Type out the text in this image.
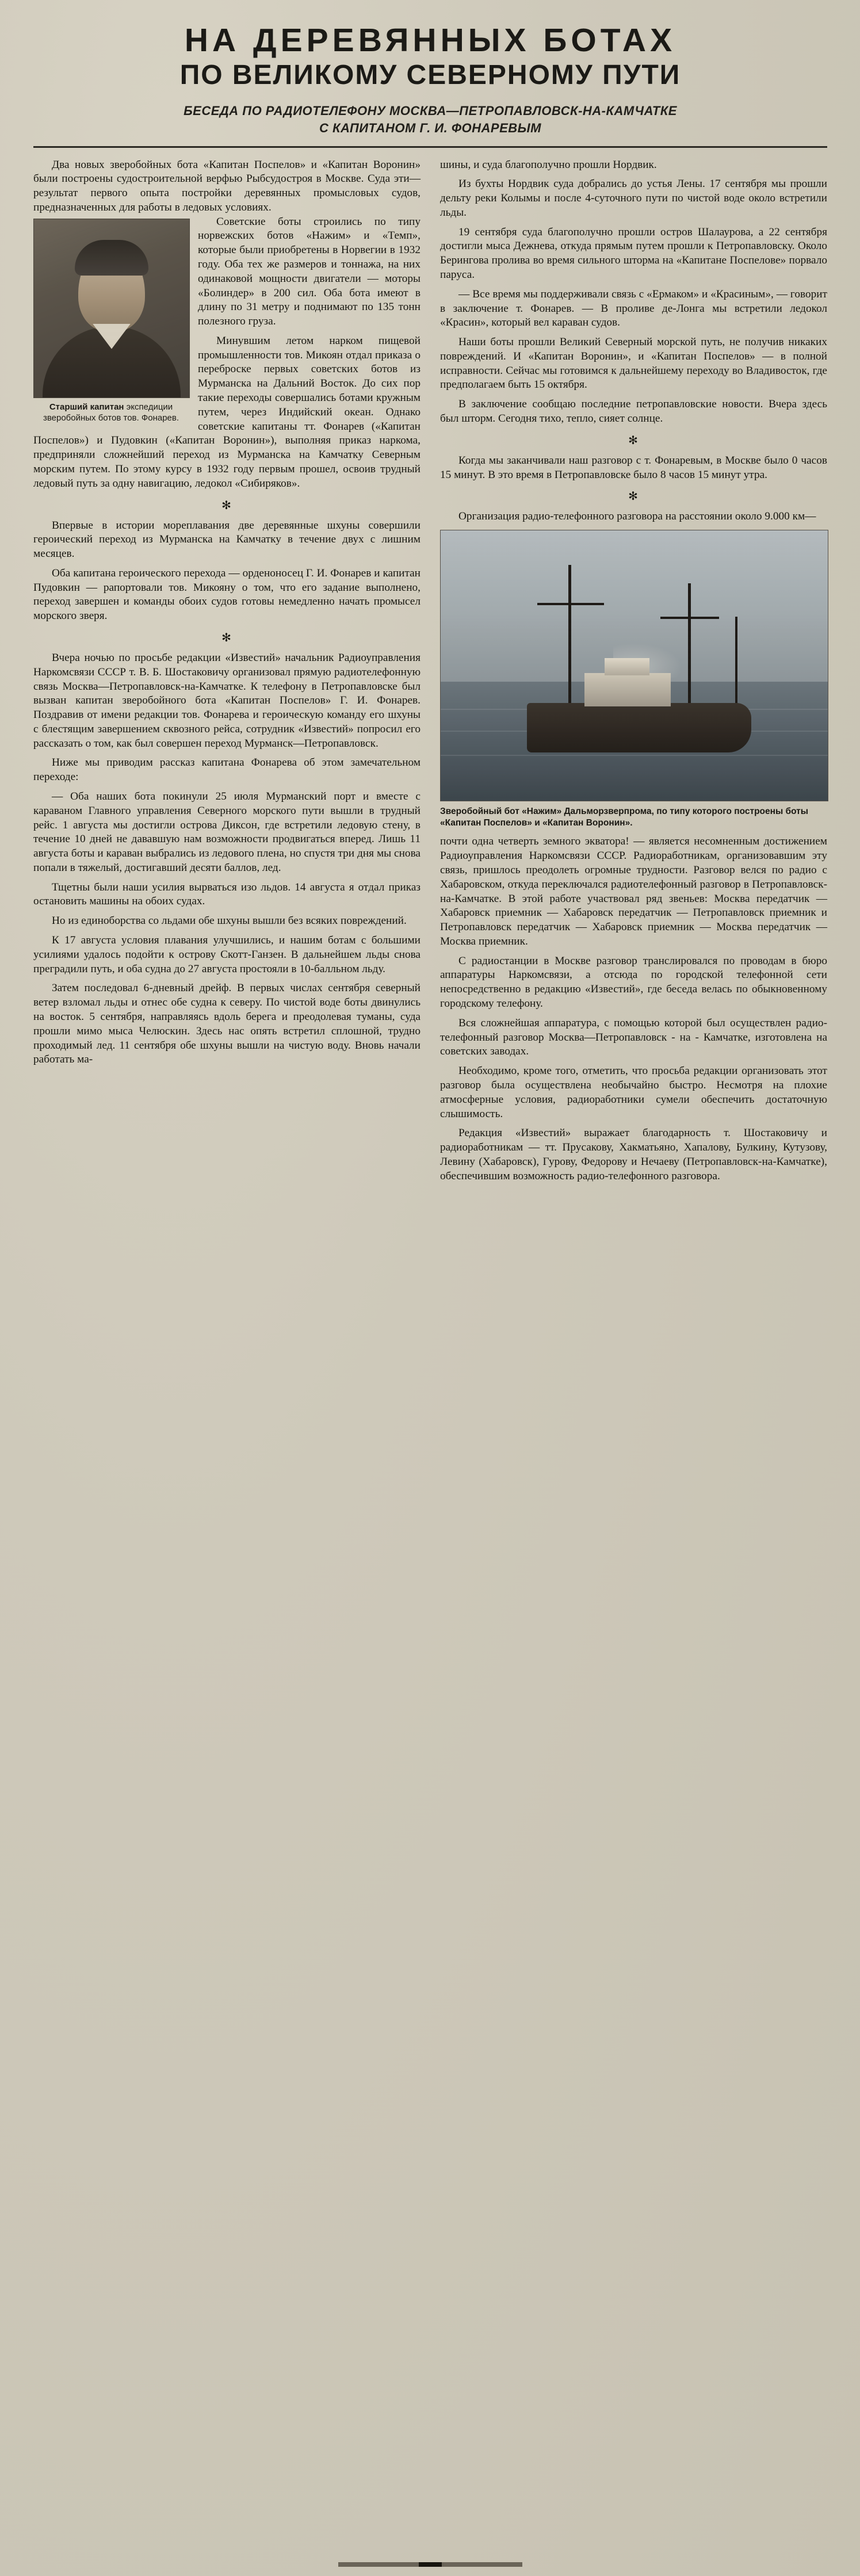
НА ДЕРЕВЯННЫХ БОТАХ
ПО ВЕЛИКОМУ СЕВЕРНОМУ ПУТИ
БЕСЕДА ПО РАДИОТЕЛЕФОНУ МОСКВА—ПЕТРОПАВЛОВСК-НА-КАМЧАТКЕ
С КАПИТАНОМ Г. И. ФОНАРЕВЫМ

Два новых зверобойных бота «Капитан Поспелов» и «Капитан Воронин» были построены судостроительной верфью Рыбсудостроя в Москве. Суда эти—результат первого опыта постройки деревянных промысловых судов, предназначенных для работы в ледовых условиях.

Старший капитан экспедиции зверобойных ботов тов. Фонарев.

Советские боты строились по типу норвежских ботов «Нажим» и «Темп», которые были приобретены в Норвегии в 1932 году. Оба тех же размеров и тоннажа, на них одинаковой мощности двигатели — моторы «Болиндер» в 200 сил. Оба бота имеют в длину по 31 метру и поднимают по 135 тонн полезного груза.

Минувшим летом нарком пищевой промышленности тов. Микоян отдал приказа о переброске первых советских ботов из Мурманска на Дальний Восток. До сих пор такие переходы совершались ботами кружным путем, через Индийский океан. Однако советские капитаны тт. Фонарев («Капитан Поспелов») и Пудовкин («Капитан Воронин»), выполняя приказ наркома, предприняли сложнейший переход из Мурманска на Камчатку Северным морским путем. По этому курсу в 1932 году первым прошел, освоив трудный ледовый путь за одну навигацию, ледокол «Сибиряков».

✻

Впервые в истории мореплавания две деревянные шхуны совершили героический переход из Мурманска на Камчатку в течение двух с лишним месяцев.

Оба капитана героического перехода — орденоносец Г. И. Фонарев и капитан Пудовкин — рапортовали тов. Микояну о том, что его задание выполнено, переход завершен и команды обоих судов готовы немедленно начать промысел морского зверя.

✻

Вчера ночью по просьбе редакции «Известий» начальник Радиоуправления Наркомсвязи СССР т. В. Б. Шостаковичу организовал прямую радиотелефонную связь Москва—Петропавловск-на-Камчатке. К телефону в Петропавловске был вызван капитан зверобойного бота «Капитан Поспелов» Г. И. Фонарев. Поздравив от имени редакции тов. Фонарева и героическую команду его шхуны с блестящим завершением сквозного рейса, сотрудник «Известий» попросил его рассказать о том, как был совершен переход Мурманск—Петропавловск.

Ниже мы приводим рассказ капитана Фонарева об этом замечательном переходе:

— Оба наших бота покинули 25 июля Мурманский порт и вместе с караваном Главного управления Северного морского пути вышли в трудный рейс. 1 августа мы достигли острова Диксон, где встретили ледовую стену, в течение 10 дней не дававшую нам возможности продвигаться вперед. Лишь 11 августа боты и караван выбрались из ледового плена, но спустя три дня мы снова попали в тяжелый, достигавший десяти баллов, лед.

Тщетны были наши усилия вырваться изо льдов. 14 августа я отдал приказ остановить машины на обоих судах.

Но из единоборства со льдами обе шхуны вышли без всяких повреждений.

К 17 августа условия плавания улучшились, и нашим ботам с большими усилиями удалось подойти к острову Скотт-Ганзен. В дальнейшем льды снова преградили путь, и оба судна до 27 августа простояли в 10-балльном льду.

Затем последовал 6-дневный дрейф. В первых числах сентября северный ветер взломал льды и отнес обе судна к северу. По чистой воде боты двинулись на восток. 5 сентября, направляясь вдоль берега и преодолевая туманы, суда прошли мимо мыса Челюскин. Здесь нас опять встретил сплошной, трудно проходимый лед. 11 сентября обе шхуны вышли на чистую воду. Вновь начали работать ма-

шины, и суда благополучно прошли Нордвик.

Из бухты Нордвик суда добрались до устья Лены. 17 сентября мы прошли дельту реки Колымы и после 4-суточного пути по чистой воде около встретили льды.

19 сентября суда благополучно прошли остров Шалаурова, а 22 сентября достигли мыса Дежнева, откуда прямым путем прошли к Петропавловску. Около Берингова пролива во время сильного шторма на «Капитане Поспелове» порвало паруса.

— Все время мы поддерживали связь с «Ермаком» и «Красиным», — говорит в заключение т. Фонарев. — В проливе де-Лонга мы встретили ледокол «Красин», который вел караван судов.

Наши боты прошли Великий Северный морской путь, не получив никаких повреждений. И «Капитан Воронин», и «Капитан Поспелов» — в полной исправности. Сейчас мы готовимся к дальнейшему переходу во Владивосток, где предполагаем быть 15 октября.

В заключение сообщаю последние петропавловские новости. Вчера здесь был шторм. Сегодня тихо, тепло, сияет солнце.

✻

Когда мы заканчивали наш разговор с т. Фонаревым, в Москве было 0 часов 15 минут. В это время в Петропавловске было 8 часов 15 минут утра.

✻

Организация радио-телефонного разговора на расстоянии около 9.000 км—

Зверобойный бот «Нажим» Дальморзверпрома, по типу которого построены боты «Капитан Поспелов» и «Капитан Воронин».

почти одна четверть земного экватора! — является несомненным достижением Радиоуправления Наркомсвязи СССР. Радиоработникам, организовавшим эту связь, пришлось преодолеть огромные трудности. Разговор велся по радио с Хабаровском, откуда переключался радиотелефонный разговор в Петропавловск-на-Камчатке. В этой работе участвовал ряд звеньев: Москва передатчик — Хабаровск приемник — Хабаровск передатчик — Петропавловск приемник и Петропавловск передатчик — Хабаровск приемник — Москва передатчик — Москва приемник.

С радиостанции в Москве разговор транслировался по проводам в бюро аппаратуры Наркомсвязи, а отсюда по городской телефонной сети непосредственно в редакцию «Известий», где беседа велась по обыкновенному городскому телефону.

Вся сложнейшая аппаратура, с помощью которой был осуществлен радио-телефонный разговор Москва—Петропавловск - на - Камчатке, изготовлена на советских заводах.

Необходимо, кроме того, отметить, что просьба редакции организовать этот разговор была осуществлена необычайно быстро. Несмотря на плохие атмосферные условия, радиоработники сумели обеспечить достаточную слышимость.

Редакция «Известий» выражает благодарность т. Шостаковичу и радиоработникам — тт. Прусакову, Хакматьяно, Хапалову, Булкину, Кутузову, Левину (Хабаровск), Гурову, Федорову и Нечаеву (Петропавловск-на-Камчатке), обеспечившим возможность радио-телефонного разговора.
